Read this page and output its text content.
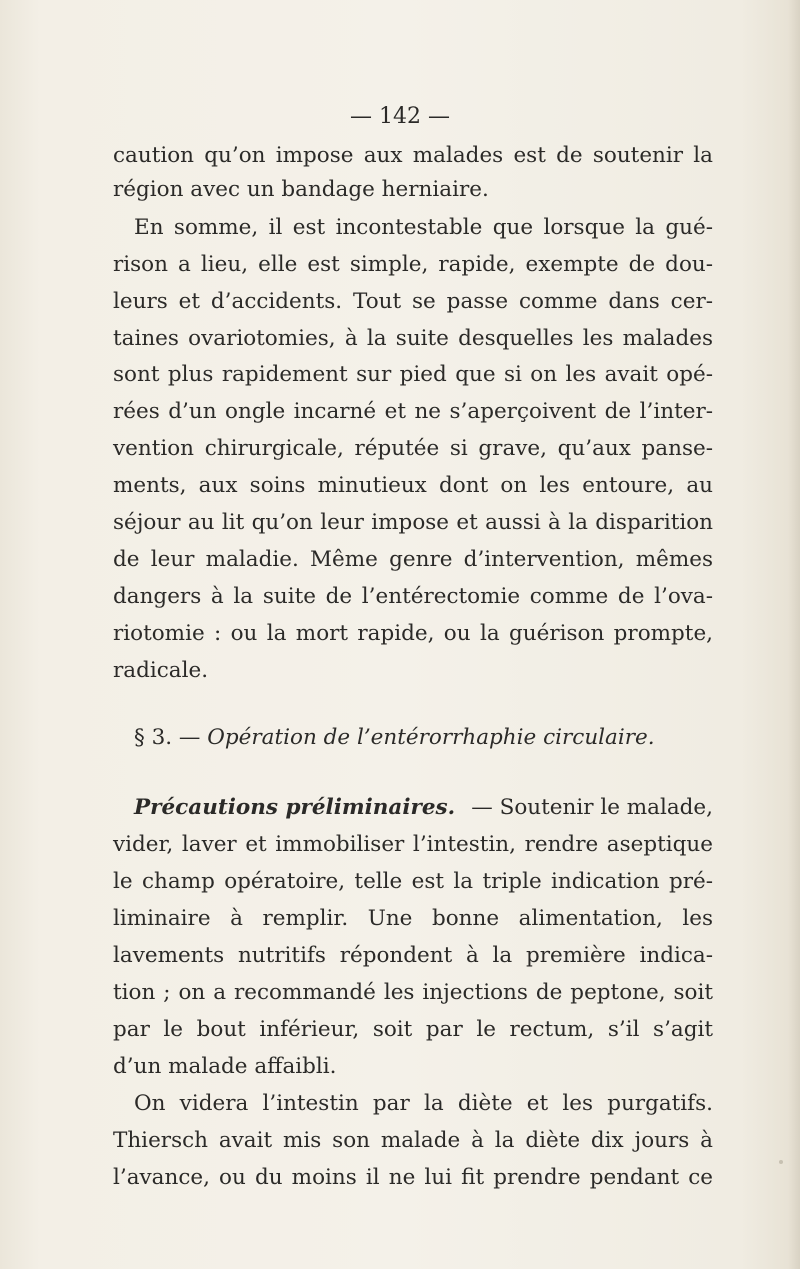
— 142 —
caution qu’on impose aux malades est de soutenir la
région avec un bandage herniaire.
En somme, il est incontestable que lorsque la gué-
rison a lieu, elle est simple, rapide, exempte de dou-
leurs et d’accidents. Tout se passe comme dans cer-
taines ovariotomies, à la suite desquelles les malades
sont plus rapidement sur pied que si on les avait opé-
rées d’un ongle incarné et ne s’aperçoivent de l’inter-
vention chirurgicale, réputée si grave, qu’aux panse-
ments, aux soins minutieux dont on les entoure, au
séjour au lit qu’on leur impose et aussi à la disparition
de leur maladie. Même genre d’intervention, mêmes
dangers à la suite de l’entérectomie comme de l’ova-
riotomie : ou la mort rapide, ou la guérison prompte,
radicale.
§ 3. — Opération de l’entérorrhaphie circulaire.
Précautions préliminaires. — Soutenir le malade,
vider, laver et immobiliser l’intestin, rendre aseptique
le champ opératoire, telle est la triple indication pré-
liminaire à remplir. Une bonne alimentation, les
lavements nutritifs répondent à la première indica-
tion ; on a recommandé les injections de peptone, soit
par le bout inférieur, soit par le rectum, s’il s’agit
d’un malade affaibli.
On videra l’intestin par la diète et les purgatifs.
Thiersch avait mis son malade à la diète dix jours à
l’avance, ou du moins il ne lui fit prendre pendant ce
